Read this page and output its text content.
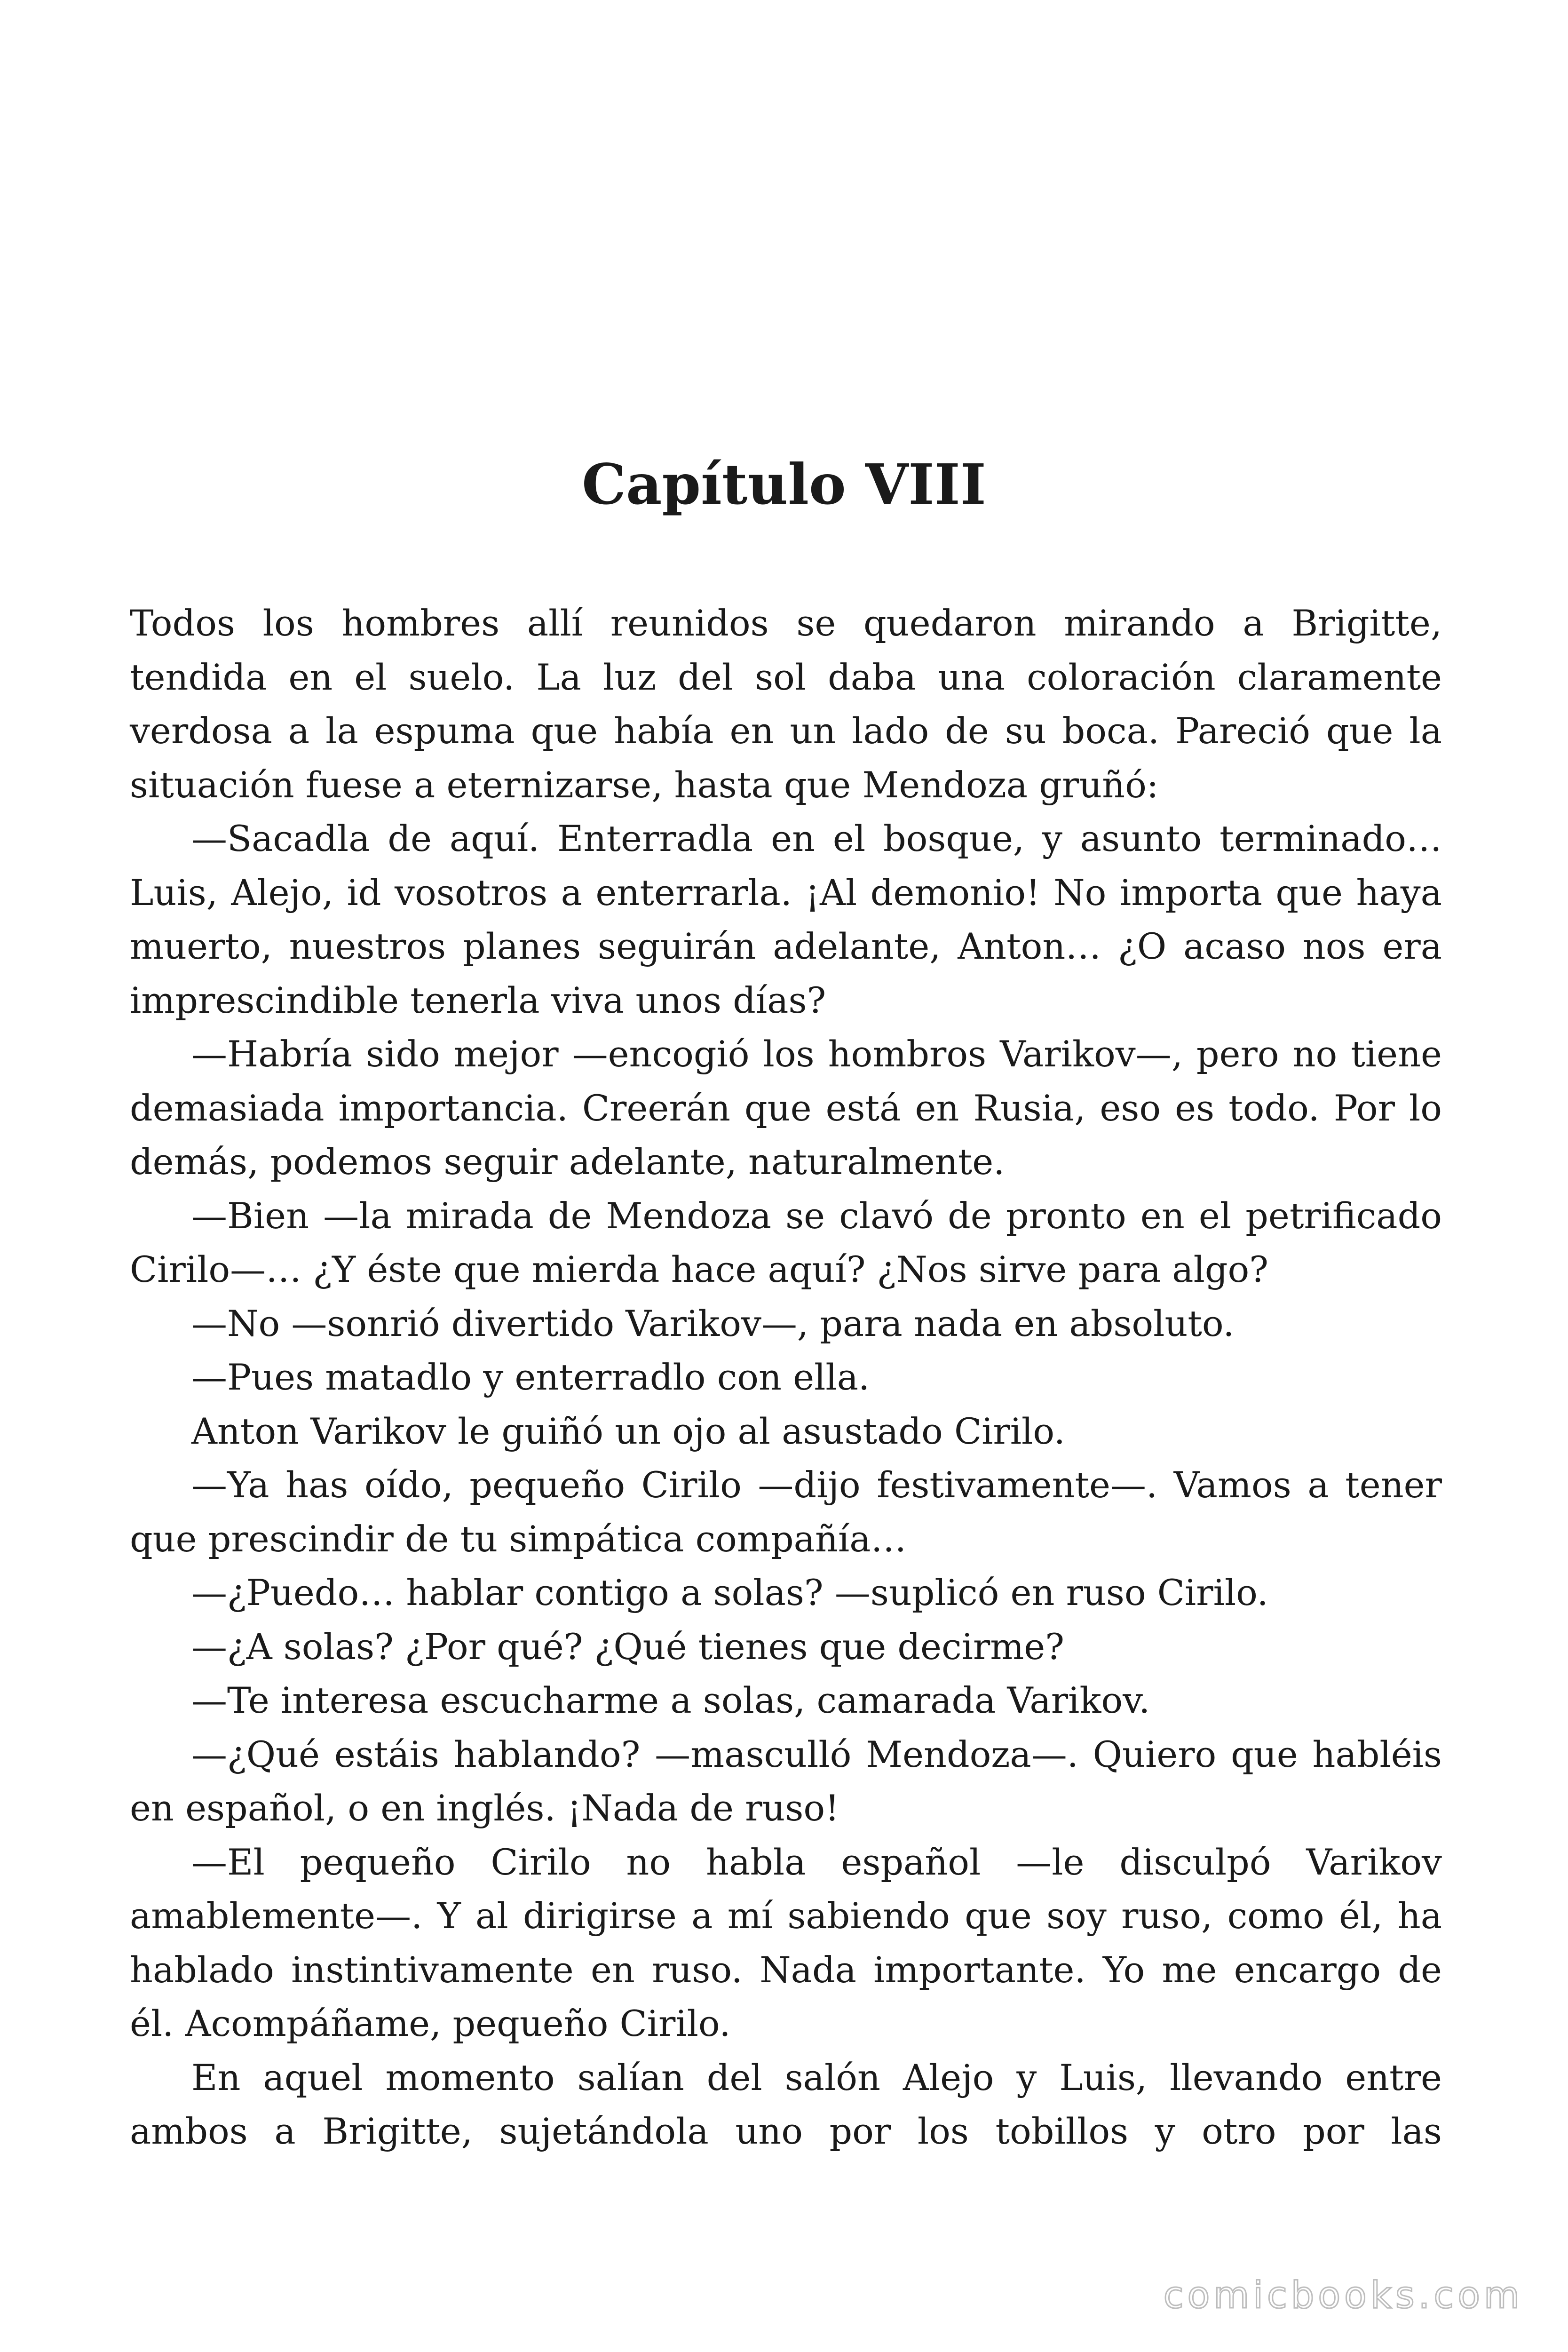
Capítulo VIII

Todos los hombres allí reunidos se quedaron mirando a Brigitte, tendida en el suelo. La luz del sol daba una coloración claramente verdosa a la espuma que había en un lado de su boca. Pareció que la situación fuese a eternizarse, hasta que Mendoza gruñó:

—Sacadla de aquí. Enterradla en el bosque, y asunto terminado… Luis, Alejo, id vosotros a enterrarla. ¡Al demonio! No importa que haya muerto, nuestros planes seguirán adelante, Anton… ¿O acaso nos era imprescindible tenerla viva unos días?

—Habría sido mejor —encogió los hombros Varikov—, pero no tiene demasiada importancia. Creerán que está en Rusia, eso es todo. Por lo demás, podemos seguir adelante, naturalmente.

—Bien —la mirada de Mendoza se clavó de pronto en el petrificado Cirilo—… ¿Y éste que mierda hace aquí? ¿Nos sirve para algo?

—No —sonrió divertido Varikov—, para nada en absoluto.

—Pues matadlo y enterradlo con ella.

Anton Varikov le guiñó un ojo al asustado Cirilo.

—Ya has oído, pequeño Cirilo —dijo festivamente—. Vamos a tener que prescindir de tu simpática compañía…

—¿Puedo… hablar contigo a solas? —suplicó en ruso Cirilo.

—¿A solas? ¿Por qué? ¿Qué tienes que decirme?

—Te interesa escucharme a solas, camarada Varikov.

—¿Qué estáis hablando? —masculló Mendoza—. Quiero que habléis en español, o en inglés. ¡Nada de ruso!

—El pequeño Cirilo no habla español —le disculpó Varikov amablemente—. Y al dirigirse a mí sabiendo que soy ruso, como él, ha hablado instintivamente en ruso. Nada importante. Yo me encargo de él. Acompáñame, pequeño Cirilo.

En aquel momento salían del salón Alejo y Luis, llevando entre ambos a Brigitte, sujetándola uno por los tobillos y otro por las

comicbooks.com
